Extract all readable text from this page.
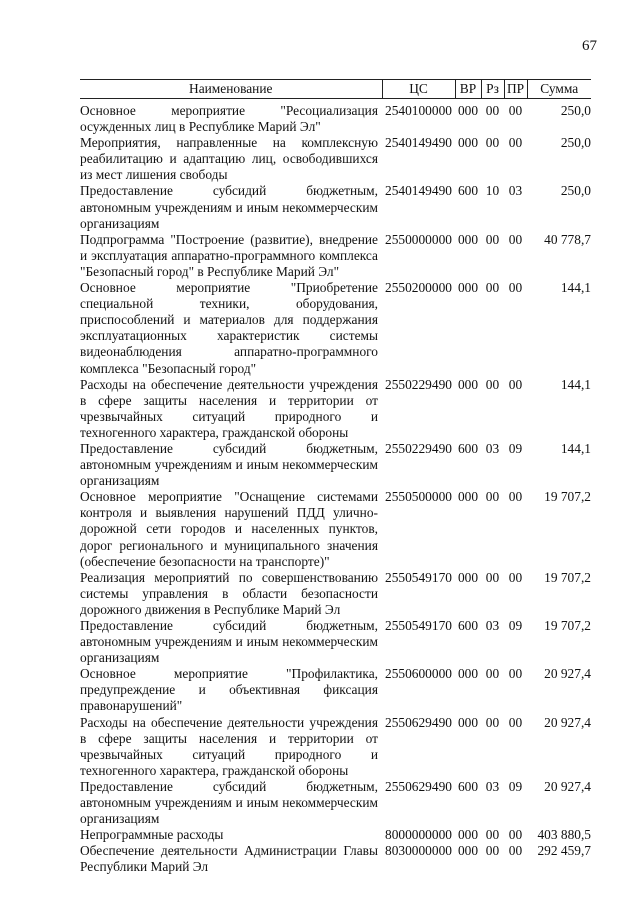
67
Наименование	ЦС	ВР	Рз	ПР	Сумма
Основное мероприятие "Ресоциализация осужденных лиц в Республике Марий Эл"	2540100000	000	00	00	250,0
Мероприятия, направленные на комплексную реабилитацию и адаптацию лиц, освободившихся из мест лишения свободы	2540149490	000	00	00	250,0
Предоставление субсидий бюджетным, автономным учреждениям и иным некоммерческим организациям	2540149490	600	10	03	250,0
Подпрограмма "Построение (развитие), внедрение и эксплуатация аппаратно-программного комплекса "Безопасный город" в Республике Марий Эл"	2550000000	000	00	00	40 778,7
Основное мероприятие "Приобретение специальной техники, оборудования, приспособлений и материалов для поддержания эксплуатационных характеристик системы видеонаблюдения аппаратно-программного комплекса "Безопасный город"	2550200000	000	00	00	144,1
Расходы на обеспечение деятельности учреждения в сфере защиты населения и территории от чрезвычайных ситуаций природного и техногенного характера, гражданской обороны	2550229490	000	00	00	144,1
Предоставление субсидий бюджетным, автономным учреждениям и иным некоммерческим организациям	2550229490	600	03	09	144,1
Основное мероприятие "Оснащение системами контроля и выявления нарушений ПДД улично-дорожной сети городов и населенных пунктов, дорог регионального и муниципального значения (обеспечение безопасности на транспорте)"	2550500000	000	00	00	19 707,2
Реализация мероприятий по совершенствованию системы управления в области безопасности дорожного движения в Республике Марий Эл	2550549170	000	00	00	19 707,2
Предоставление субсидий бюджетным, автономным учреждениям и иным некоммерческим организациям	2550549170	600	03	09	19 707,2
Основное мероприятие "Профилактика, предупреждение и объективная фиксация правонарушений"	2550600000	000	00	00	20 927,4
Расходы на обеспечение деятельности учреждения в сфере защиты населения и территории от чрезвычайных ситуаций природного и техногенного характера, гражданской обороны	2550629490	000	00	00	20 927,4
Предоставление субсидий бюджетным, автономным учреждениям и иным некоммерческим организациям	2550629490	600	03	09	20 927,4
Непрограммные расходы	8000000000	000	00	00	403 880,5
Обеспечение деятельности Администрации Главы Республики Марий Эл	8030000000	000	00	00	292 459,7
